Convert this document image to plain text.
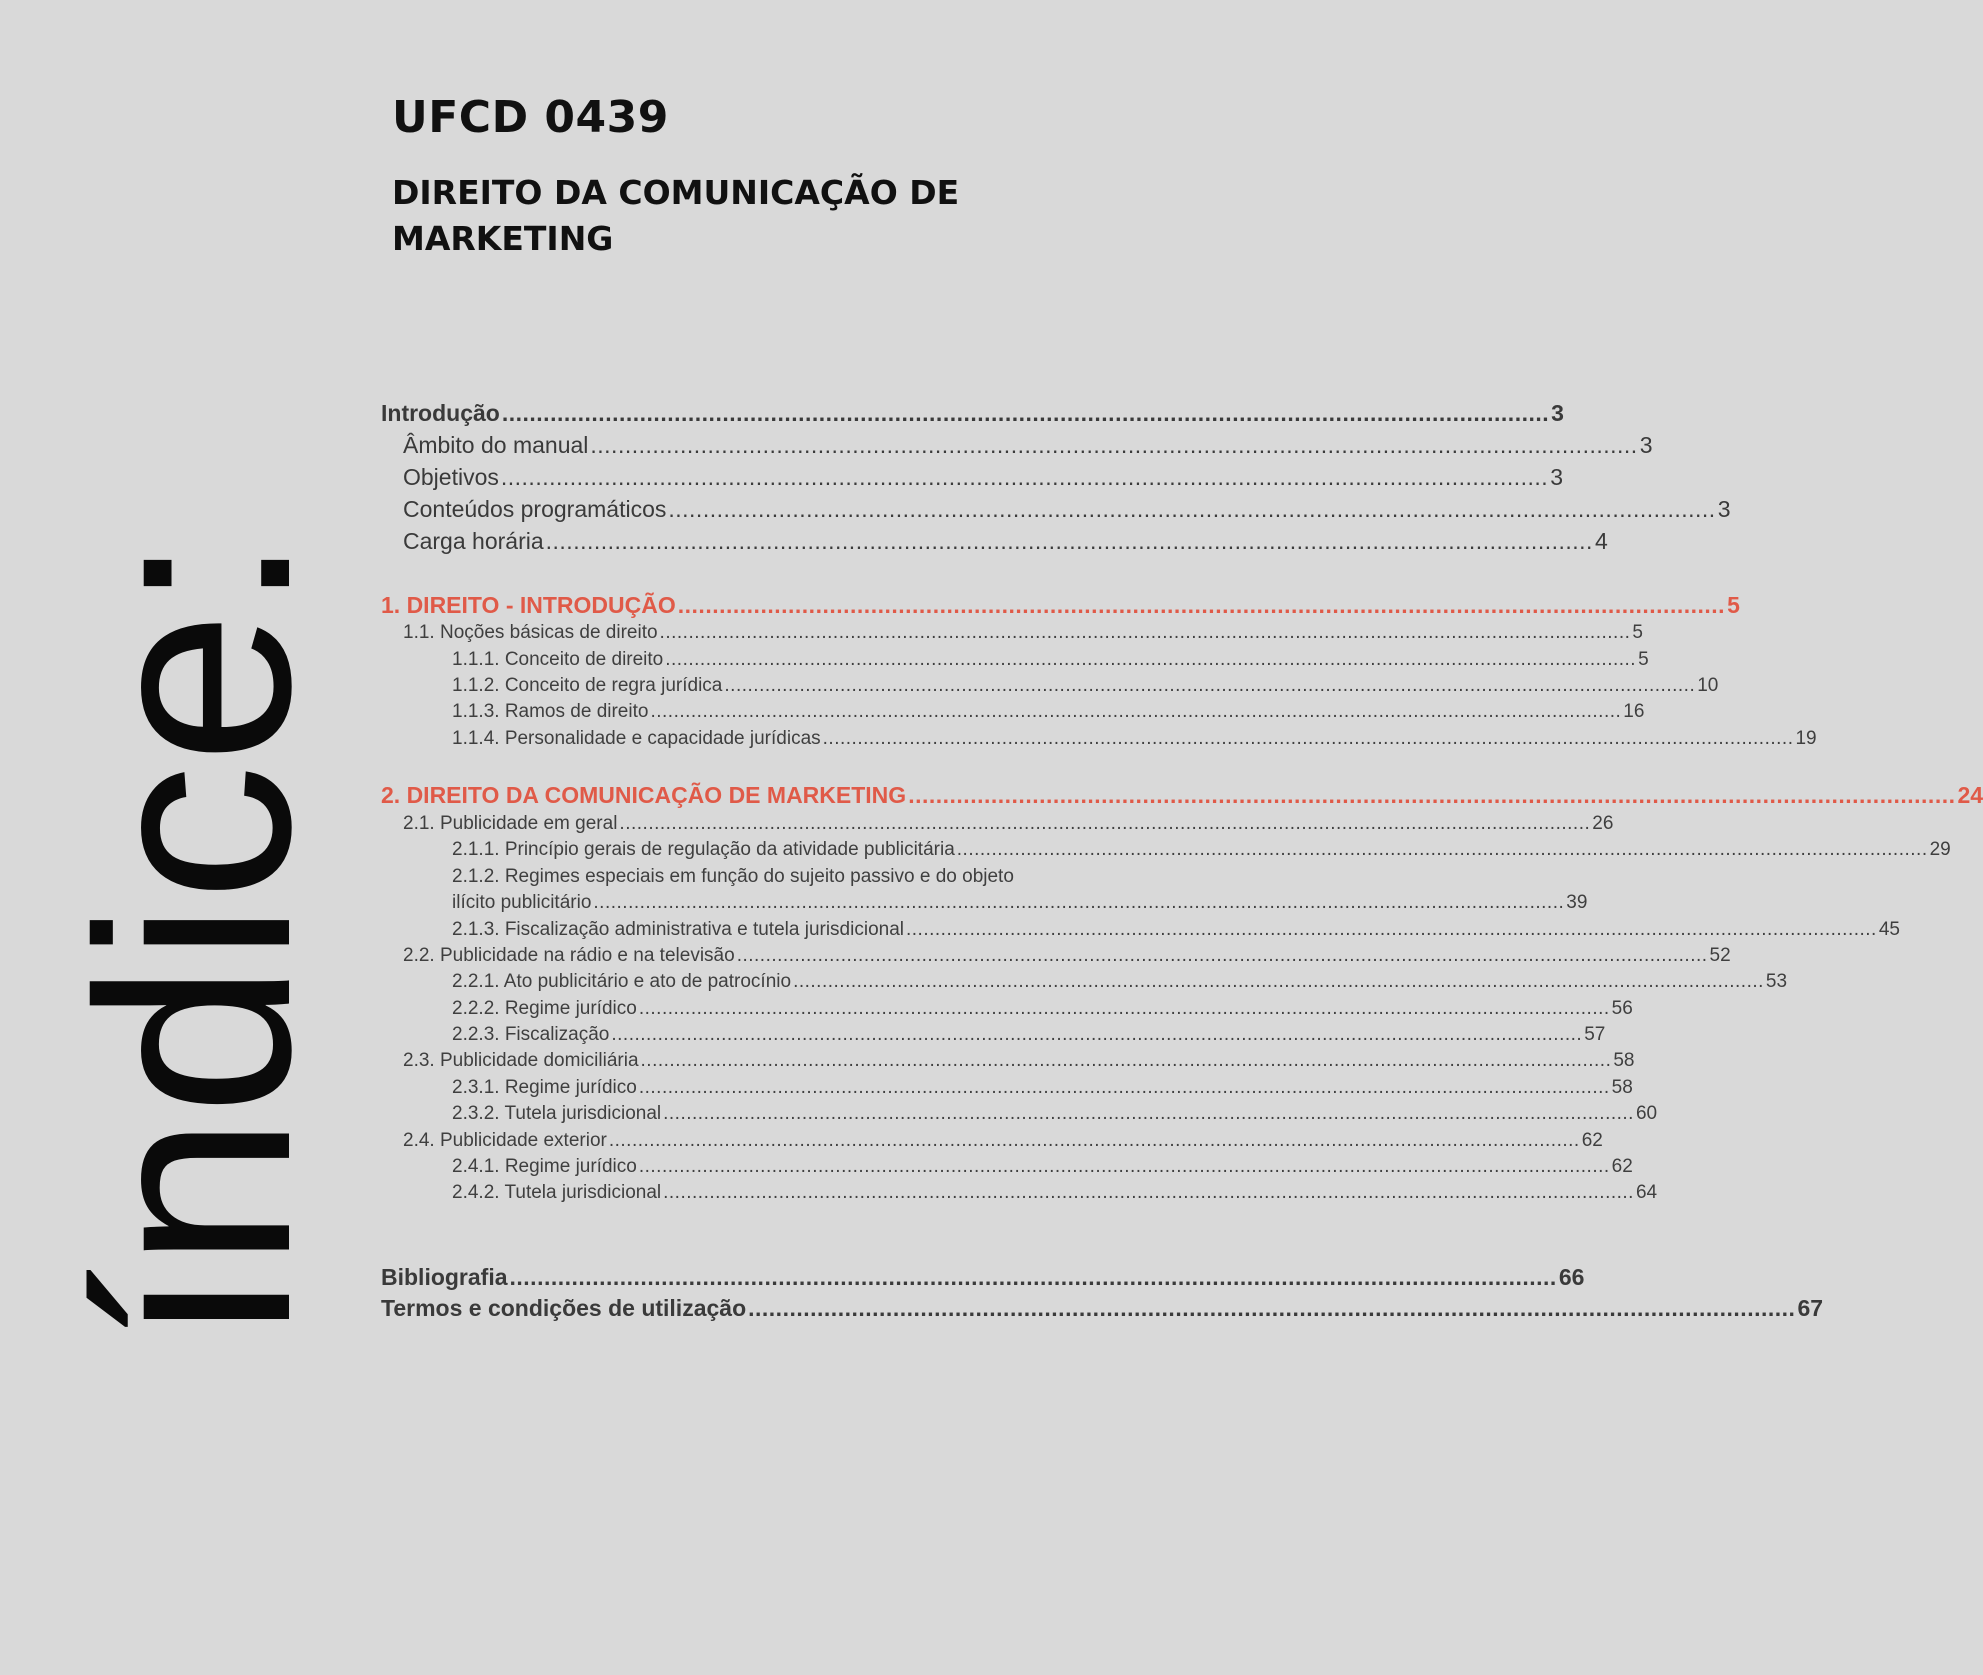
UFCD 0439
DIREITO DA COMUNICAÇÃO DE MARKETING
índice:
Introdução ........................................................................................................................................................ 3
Âmbito do manual ........................................................................................................................................................ 3
Objetivos ........................................................................................................................................................ 3
Conteúdos programáticos ........................................................................................................................................................ 3
Carga horária ........................................................................................................................................................ 4
1. DIREITO - INTRODUÇÃO ........................................................................................................................................................ 5
1.1. Noções básicas de direito ........................................................................................................................................................................ 5
1.1.1. Conceito de direito ........................................................................................................................................................................ 5
1.1.2. Conceito de regra jurídica ........................................................................................................................................................................ 10
1.1.3. Ramos de direito ........................................................................................................................................................................ 16
1.1.4. Personalidade e capacidade jurídicas ........................................................................................................................................................................ 19
2. DIREITO DA COMUNICAÇÃO DE MARKETING ........................................................................................................................................................ 24
2.1. Publicidade em geral ........................................................................................................................................................................ 26
2.1.1. Princípio gerais de regulação da atividade publicitária ........................................................................................................................................................................ 29
2.1.2. Regimes especiais em função do sujeito passivo e do objeto
ilícito publicitário ........................................................................................................................................................................ 39
2.1.3. Fiscalização administrativa e tutela jurisdicional ........................................................................................................................................................................ 45
2.2. Publicidade na rádio e na televisão ........................................................................................................................................................................ 52
2.2.1. Ato publicitário e ato de patrocínio ........................................................................................................................................................................ 53
2.2.2. Regime jurídico ........................................................................................................................................................................ 56
2.2.3. Fiscalização ........................................................................................................................................................................ 57
2.3. Publicidade domiciliária ........................................................................................................................................................................ 58
2.3.1. Regime jurídico ........................................................................................................................................................................ 58
2.3.2. Tutela jurisdicional ........................................................................................................................................................................ 60
2.4. Publicidade exterior ........................................................................................................................................................................ 62
2.4.1. Regime jurídico ........................................................................................................................................................................ 62
2.4.2. Tutela jurisdicional ........................................................................................................................................................................ 64
Bibliografia ........................................................................................................................................................ 66
Termos e condições de utilização ........................................................................................................................................................ 67
